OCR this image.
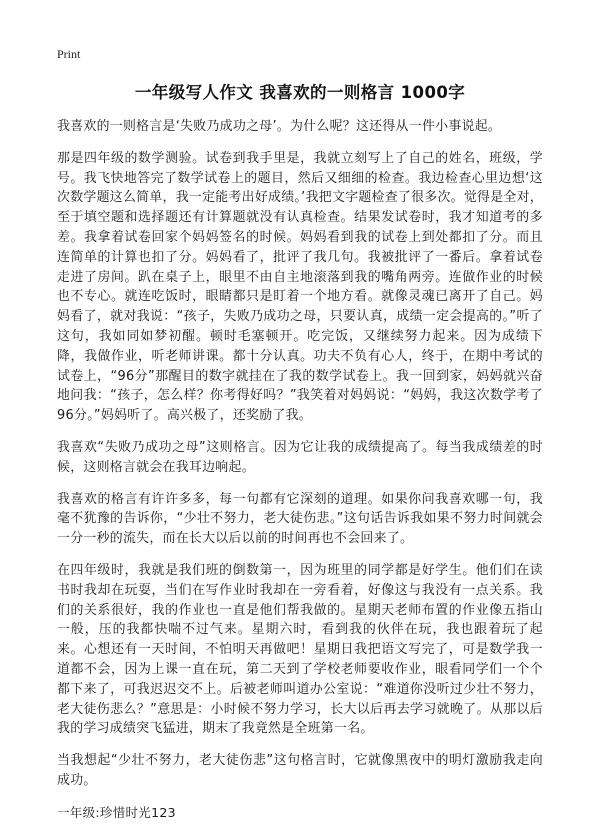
Print
一年级写人作文 我喜欢的一则格言 1000字

我喜欢的一则格言是‘失败乃成功之母’。为什么呢？这还得从一件小事说起。

那是四年级的数学测验。试卷到我手里是，我就立刻写上了自己的姓名，班级，学号。我飞快地答完了数学试卷上的题目，然后又细细的检查。我边检查心里边想‘这次数学题这么简单，我一定能考出好成绩。’我把文字题检查了很多次。觉得是全对，至于填空题和选择题还有计算题就没有认真检查。结果发试卷时，我才知道考的多差。我拿着试卷回家个妈妈签名的时候。妈妈看到我的试卷上到处都扣了分。而且连简单的计算也扣了分。妈妈看了，批评了我几句。我被批评了一番后。拿着试卷走进了房间。趴在桌子上，眼里不由自主地滚落到我的嘴角两旁。连做作业的时候也不专心。就连吃饭时，眼睛都只是盯着一个地方看。就像灵魂已离开了自己。妈妈看了，就对我说：“孩子，失败乃成功之母，只要认真，成绩一定会提高的。”听了这句，我如同如梦初醒。顿时毛塞顿开。吃完饭，又继续努力起来。因为成绩下降，我做作业，听老师讲课。都十分认真。功夫不负有心人，终于，在期中考试的试卷上，“96分”那醒目的数字就挂在了我的数学试卷上。我一回到家，妈妈就兴奋地问我：“孩子，怎么样？你考得好吗？”我笑着对妈妈说：“妈妈，我这次数学考了96分。”妈妈听了。高兴极了，还奖励了我。

我喜欢“失败乃成功之母”这则格言。因为它让我的成绩提高了。每当我成绩差的时候，这则格言就会在我耳边响起。

我喜欢的格言有许许多多，每一句都有它深刻的道理。如果你问我喜欢哪一句，我毫不犹豫的告诉你，“少壮不努力，老大徒伤悲。”这句话告诉我如果不努力时间就会一分一秒的流失，而在长大以后以前的时间再也不会回来了。

在四年级时，我就是我们班的倒数第一，因为班里的同学都是好学生。他们们在读书时我却在玩耍，当们在写作业时我却在一旁看着，好像这与我没有一点关系。我们的关系很好，我的作业也一直是他们帮我做的。星期天老师布置的作业像五指山一般，压的我都快喘不过气来。星期六时，看到我的伙伴在玩，我也跟着玩了起来。心想还有一天时间，不怕明天再做吧！星期日我把语文写完了，可是数学我一道都不会，因为上课一直在玩，第二天到了学校老师要收作业，眼看同学们一个个都下来了，可我迟迟交不上。后被老师叫道办公室说：“难道你没听过少壮不努力，老大徒伤悲么？”意思是：小时候不努力学习，长大以后再去学习就晚了。从那以后我的学习成绩突飞猛进，期末了我竟然是全班第一名。

当我想起“少壮不努力，老大徒伤悲”这句格言时，它就像黑夜中的明灯激励我走向成功。

一年级:珍惜时光123
